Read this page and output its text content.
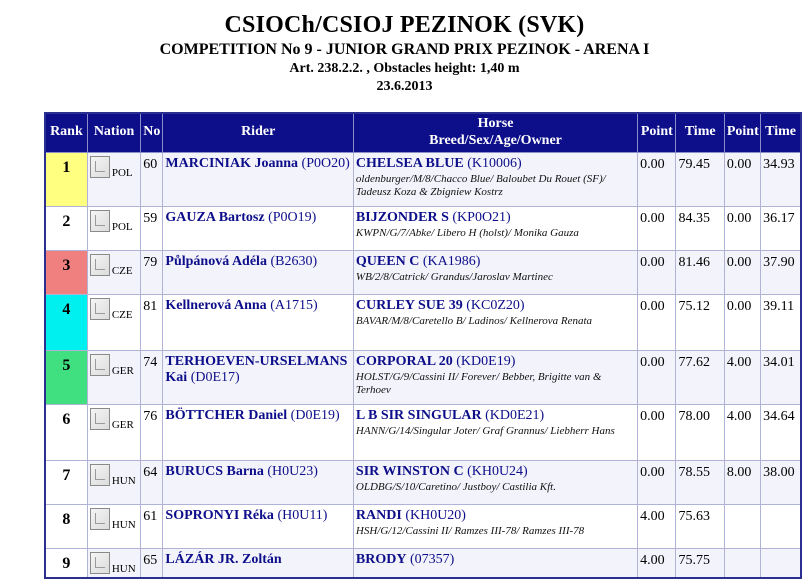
CSIOCh/CSIOJ PEZINOK (SVK)
COMPETITION No 9 - JUNIOR GRAND PRIX PEZINOK - ARENA I
Art. 238.2.2. , Obstacles height: 1,40 m
23.6.2013
Rank	Nation	No	Rider	Horse
Breed/Sex/Age/Owner	Point	Time	Point	Time
1	POL	60	MARCINIAK Joanna (P0O20)	CHELSEA BLUE (K10006)
oldenburger/M/8/Chacco Blue/ Baloubet Du Rouet (SF)/ Tadeusz Koza & Zbigniew Kostrz	0.00	79.45	0.00	34.93
2	POL	59	GAUZA Bartosz (P0O19)	BIJZONDER S (KP0O21)
KWPN/G/7/Abke/ Libero H (holst)/ Monika Gauza	0.00	84.35	0.00	36.17
3	CZE	79	Půlpánová Adéla (B2630)	QUEEN C (KA1986)
WB/2/8/Catrick/ Grandus/Jaroslav Martinec	0.00	81.46	0.00	37.90
4	CZE	81	Kellnerová Anna (A1715)	CURLEY SUE 39 (KC0Z20)
BAVAR/M/8/Caretello B/ Ladinos/ Kellnerova Renata	0.00	75.12	0.00	39.11
5	GER	74	TERHOEVEN-URSELMANS Kai (D0E17)	CORPORAL 20 (KD0E19)
HOLST/G/9/Cassini II/ Forever/ Bebber, Brigitte van & Terhoev	0.00	77.62	4.00	34.01
6	GER	76	BÖTTCHER Daniel (D0E19)	L B SIR SINGULAR (KD0E21)
HANN/G/14/Singular Joter/ Graf Grannus/ Liebherr Hans	0.00	78.00	4.00	34.64
7	HUN	64	BURUCS Barna (H0U23)	SIR WINSTON C (KH0U24)
OLDBG/S/10/Caretino/ Justboy/ Castilia Kft.	0.00	78.55	8.00	38.00
8	HUN	61	SOPRONYI Réka (H0U11)	RANDI (KH0U20)
HSH/G/12/Cassini II/ Ramzes III-78/ Ramzes III-78	4.00	75.63		
9	HUN	65	LÁZÁR JR. Zoltán	BRODY (07357)	4.00	75.75		
